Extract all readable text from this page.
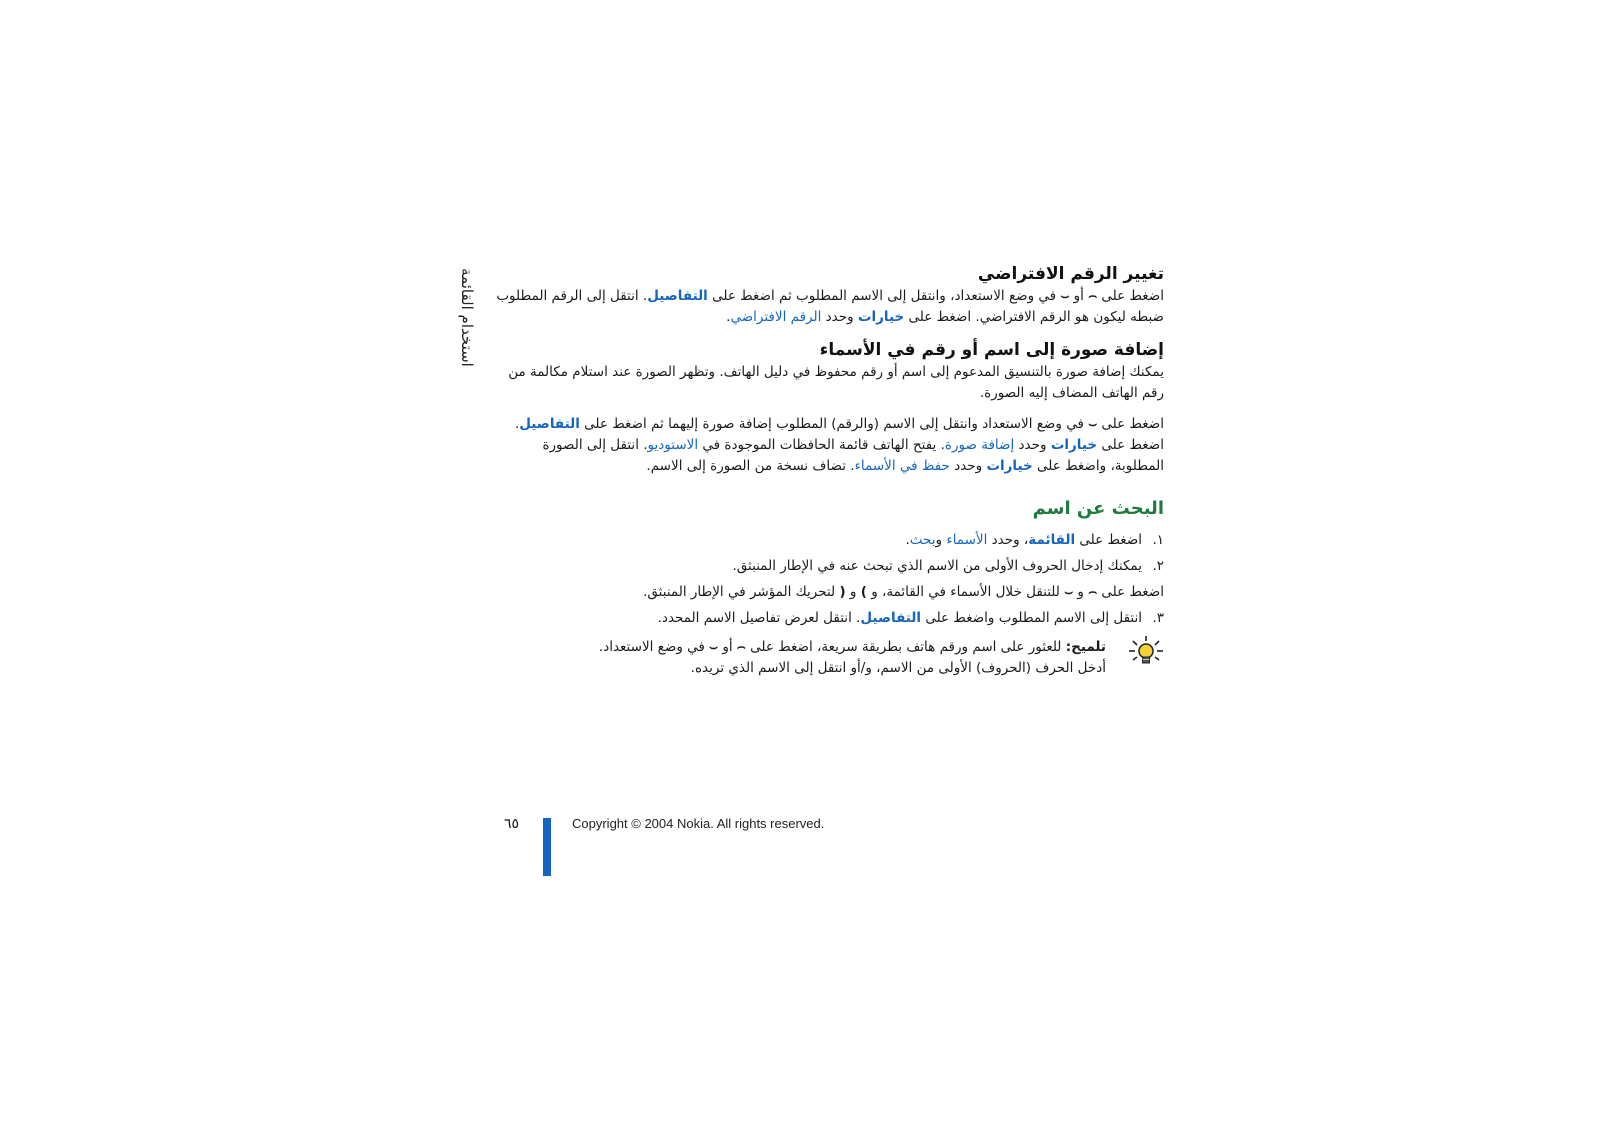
استخدام القائمة	تغيير الرقم الافتراضي

اضغط على ⌢ أو ⌣ في وضع الاستعداد، وانتقل إلى الاسم المطلوب ثم اضغط على التفاصيل. انتقل إلى الرقم المطلوب ضبطه ليكون هو الرقم الافتراضي. اضغط على خيارات وحدد الرقم الافتراضي.

إضافة صورة إلى اسم أو رقم في الأسماء

يمكنك إضافة صورة بالتنسيق المدعوم إلى اسم أو رقم محفوظ في دليل الهاتف. وتظهر الصورة عند استلام مكالمة من رقم الهاتف المضاف إليه الصورة.

اضغط على ⌣ في وضع الاستعداد وانتقل إلى الاسم (والرقم) المطلوب إضافة صورة إليهما ثم اضغط على التفاصيل. اضغط على خيارات وحدد إضافة صورة. يفتح الهاتف قائمة الحافظات الموجودة في الاستوديو. انتقل إلى الصورة المطلوبة، واضغط على خيارات وحدد حفظ في الأسماء. تضاف نسخة من الصورة إلى الاسم.

البحث عن اسم
١.
اضغط على القائمة، وحدد الأسماء وبحث.
٢.
يمكنك إدخال الحروف الأولى من الاسم الذي تبحث عنه في الإطار المنبثق.
اضغط على ⌢ و ⌣ للتنقل خلال الأسماء في القائمة، و ) و ( لتحريك المؤشر في الإطار المنبثق.
٣.
انتقل إلى الاسم المطلوب واضغط على التفاصيل. انتقل لعرض تفاصيل الاسم المحدد.

تلميح: للعثور على اسم ورقم هاتف بطريقة سريعة، اضغط على ⌢ أو ⌣ في وضع الاستعداد.

أدخل الحرف (الحروف) الأولى من الاسم، و/أو انتقل إلى الاسم الذي تريده.

٦٥	Copyright © 2004 Nokia. All rights reserved.
